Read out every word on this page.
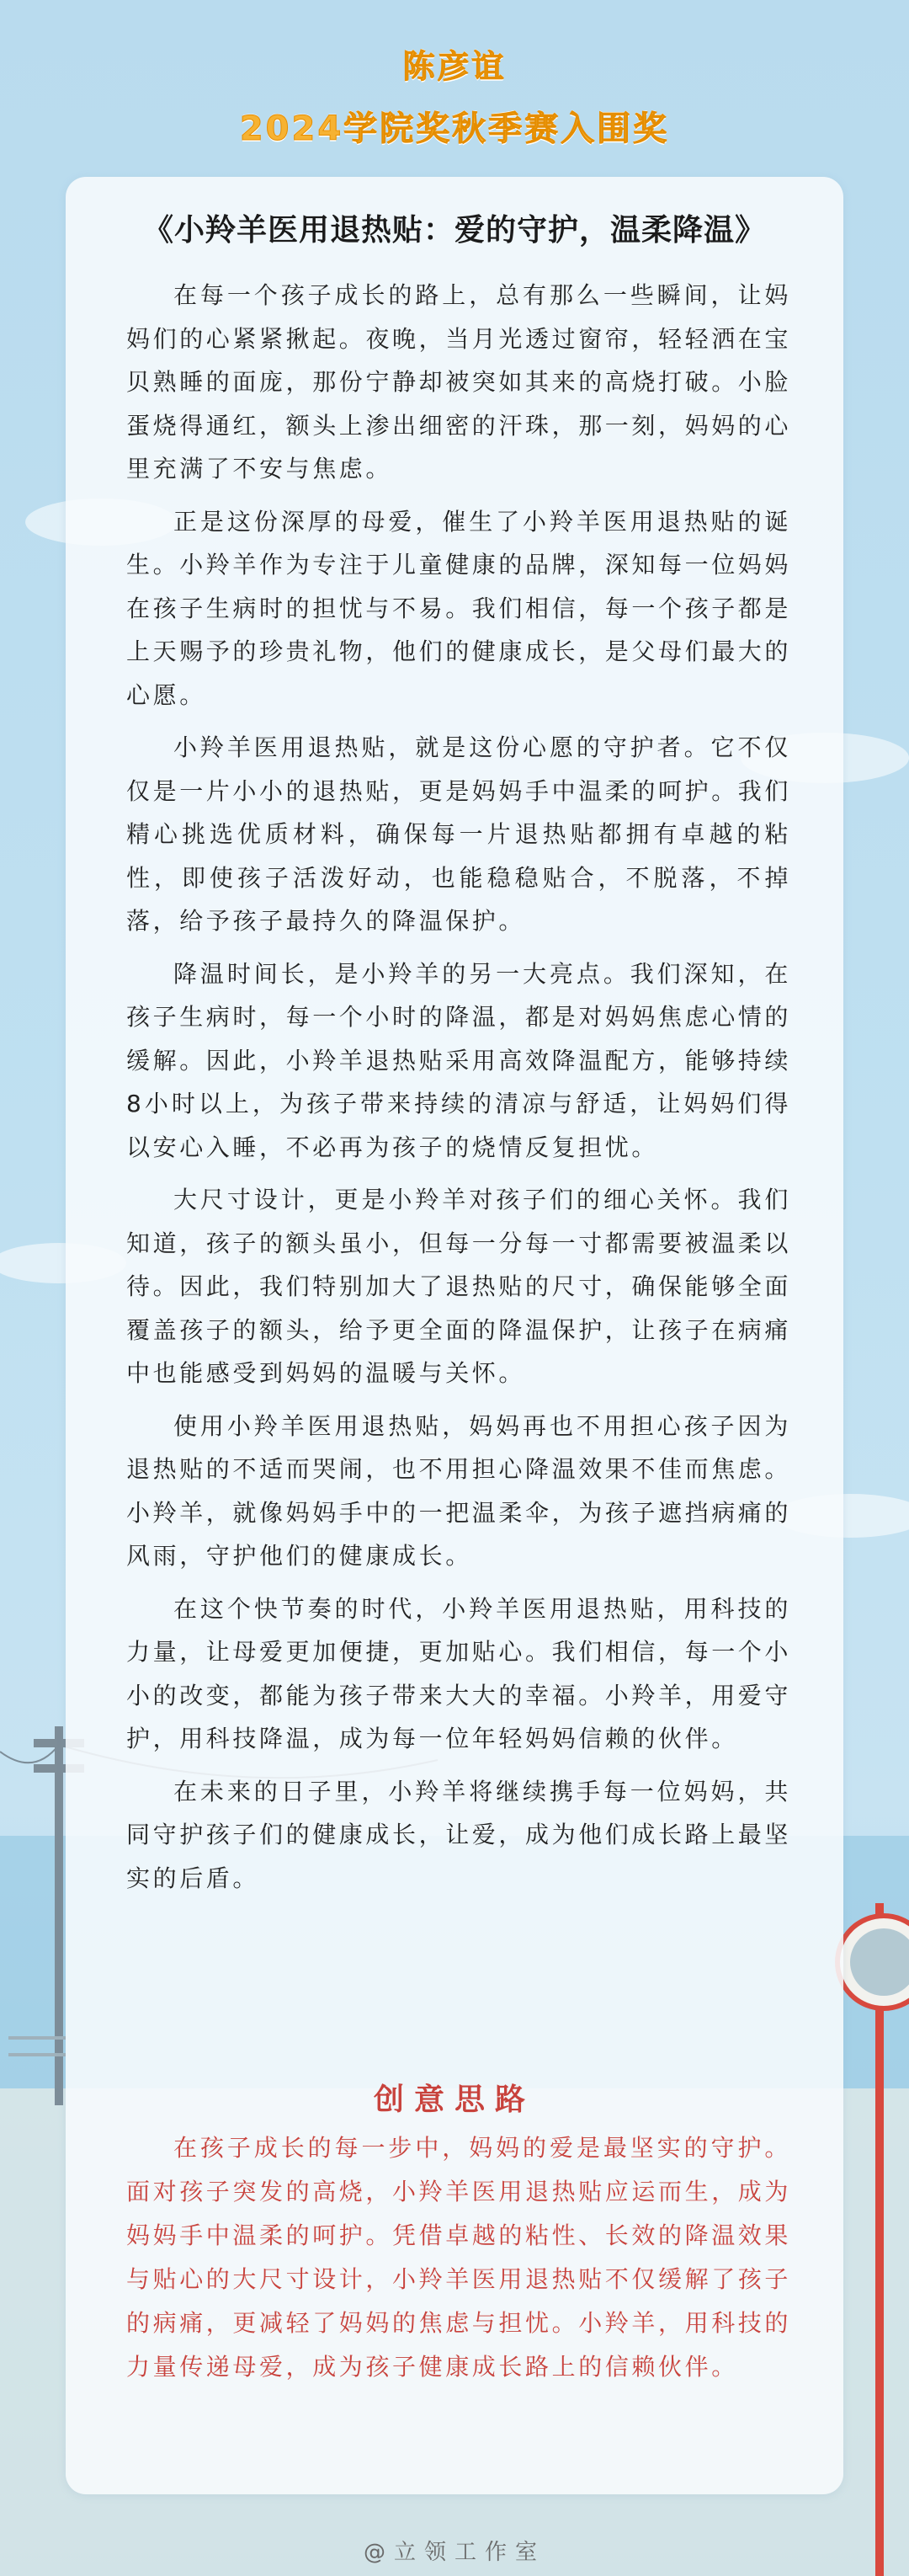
陈彦谊
2024学院奖秋季赛入围奖
《小羚羊医用退热贴：爱的守护，温柔降温》

在每一个孩子成长的路上，总有那么一些瞬间，让妈妈们的心紧紧揪起。夜晚，当月光透过窗帘，轻轻洒在宝贝熟睡的面庞，那份宁静却被突如其来的高烧打破。小脸蛋烧得通红，额头上渗出细密的汗珠，那一刻，妈妈的心里充满了不安与焦虑。

正是这份深厚的母爱，催生了小羚羊医用退热贴的诞生。小羚羊作为专注于儿童健康的品牌，深知每一位妈妈在孩子生病时的担忧与不易。我们相信，每一个孩子都是上天赐予的珍贵礼物，他们的健康成长，是父母们最大的心愿。

小羚羊医用退热贴，就是这份心愿的守护者。它不仅仅是一片小小的退热贴，更是妈妈手中温柔的呵护。我们精心挑选优质材料，确保每一片退热贴都拥有卓越的粘性，即使孩子活泼好动，也能稳稳贴合，不脱落，不掉落，给予孩子最持久的降温保护。

降温时间长，是小羚羊的另一大亮点。我们深知，在孩子生病时，每一个小时的降温，都是对妈妈焦虑心情的缓解。因此，小羚羊退热贴采用高效降温配方，能够持续8小时以上，为孩子带来持续的清凉与舒适，让妈妈们得以安心入睡，不必再为孩子的烧情反复担忧。

大尺寸设计，更是小羚羊对孩子们的细心关怀。我们知道，孩子的额头虽小，但每一分每一寸都需要被温柔以待。因此，我们特别加大了退热贴的尺寸，确保能够全面覆盖孩子的额头，给予更全面的降温保护，让孩子在病痛中也能感受到妈妈的温暖与关怀。

使用小羚羊医用退热贴，妈妈再也不用担心孩子因为退热贴的不适而哭闹，也不用担心降温效果不佳而焦虑。小羚羊，就像妈妈手中的一把温柔伞，为孩子遮挡病痛的风雨，守护他们的健康成长。

在这个快节奏的时代，小羚羊医用退热贴，用科技的力量，让母爱更加便捷，更加贴心。我们相信，每一个小小的改变，都能为孩子带来大大的幸福。小羚羊，用爱守护，用科技降温，成为每一位年轻妈妈信赖的伙伴。

在未来的日子里，小羚羊将继续携手每一位妈妈，共同守护孩子们的健康成长，让爱，成为他们成长路上最坚实的后盾。

创意思路

在孩子成长的每一步中，妈妈的爱是最坚实的守护。面对孩子突发的高烧，小羚羊医用退热贴应运而生，成为妈妈手中温柔的呵护。凭借卓越的粘性、长效的降温效果与贴心的大尺寸设计，小羚羊医用退热贴不仅缓解了孩子的病痛，更减轻了妈妈的焦虑与担忧。小羚羊，用科技的力量传递母爱，成为孩子健康成长路上的信赖伙伴。

@立领工作室
